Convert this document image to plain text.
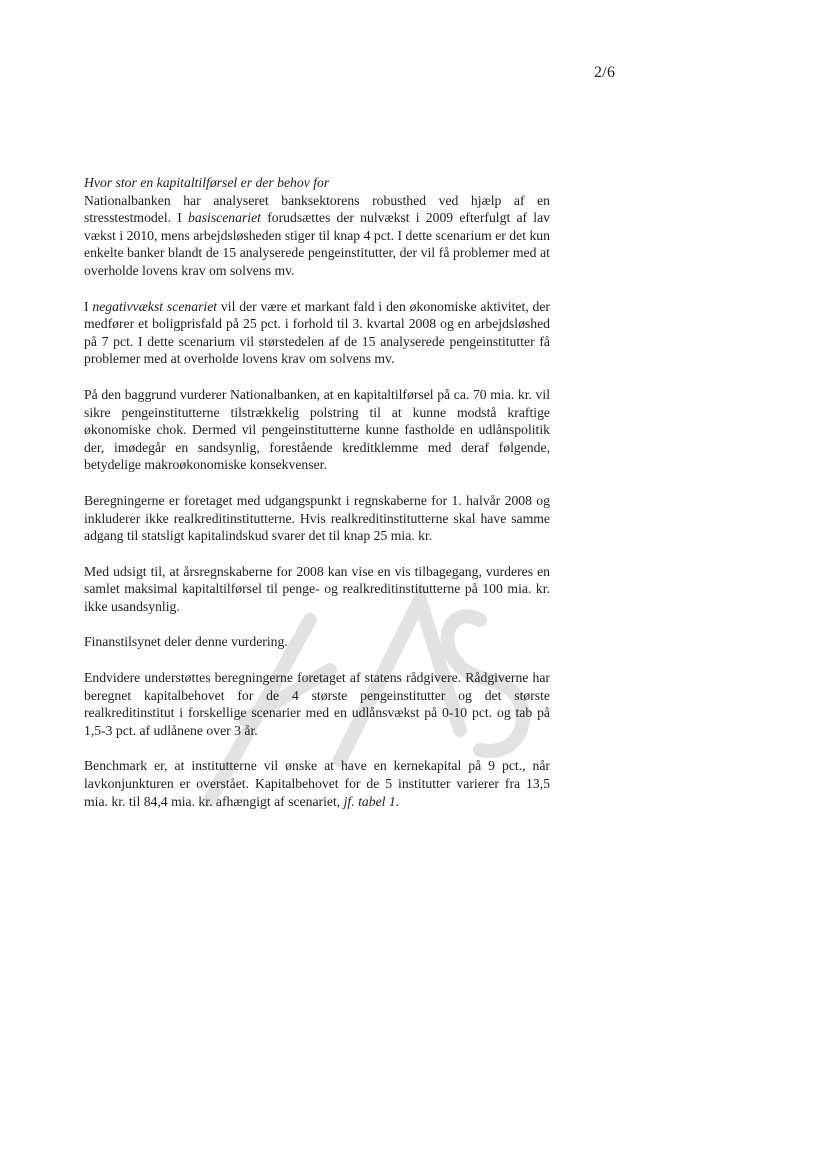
2/6

Hvor stor en kapitaltilførsel er der behov for

Nationalbanken har analyseret banksektorens robusthed ved hjælp af en stresstestmodel. I basiscenariet forudsættes der nulvækst i 2009 efterfulgt af lav vækst i 2010, mens arbejdsløsheden stiger til knap 4 pct. I dette scenarium er det kun enkelte banker blandt de 15 analyserede pengeinstitutter, der vil få problemer med at overholde lovens krav om solvens mv.

I negativvækst scenariet vil der være et markant fald i den økonomiske aktivitet, der medfører et boligprisfald på 25 pct. i forhold til 3. kvartal 2008 og en arbejdsløshed på 7 pct. I dette scenarium vil størstedelen af de 15 analyserede pengeinstitutter få problemer med at overholde lovens krav om solvens mv.

På den baggrund vurderer Nationalbanken, at en kapitaltilførsel på ca. 70 mia. kr. vil sikre pengeinstitutterne tilstrækkelig polstring til at kunne modstå kraftige økonomiske chok. Dermed vil pengeinstitutterne kunne fastholde en udlånspolitik der, imødegår en sandsynlig, forestående kreditklemme med deraf følgende, betydelige makroøkonomiske konsekvenser.

Beregningerne er foretaget med udgangspunkt i regnskaberne for 1. halvår 2008 og inkluderer ikke realkreditinstitutterne. Hvis realkreditinstitutterne skal have samme adgang til statsligt kapitalindskud svarer det til knap 25 mia. kr.

Med udsigt til, at årsregnskaberne for 2008 kan vise en vis tilbagegang, vurderes en samlet maksimal kapitaltilførsel til penge- og realkreditinstitutterne på 100 mia. kr. ikke usandsynlig.

Finanstilsynet deler denne vurdering.

Endvidere understøttes beregningerne foretaget af statens rådgivere. Rådgiverne har beregnet kapitalbehovet for de 4 største pengeinstitutter og det største realkreditinstitut i forskellige scenarier med en udlånsvækst på 0-10 pct. og tab på 1,5-3 pct. af udlånene over 3 år.

Benchmark er, at institutterne vil ønske at have en kernekapital på 9 pct., når lavkonjunkturen er overstået. Kapitalbehovet for de 5 institutter varierer fra 13,5 mia. kr. til 84,4 mia. kr. afhængigt af scenariet, jf. tabel 1.
